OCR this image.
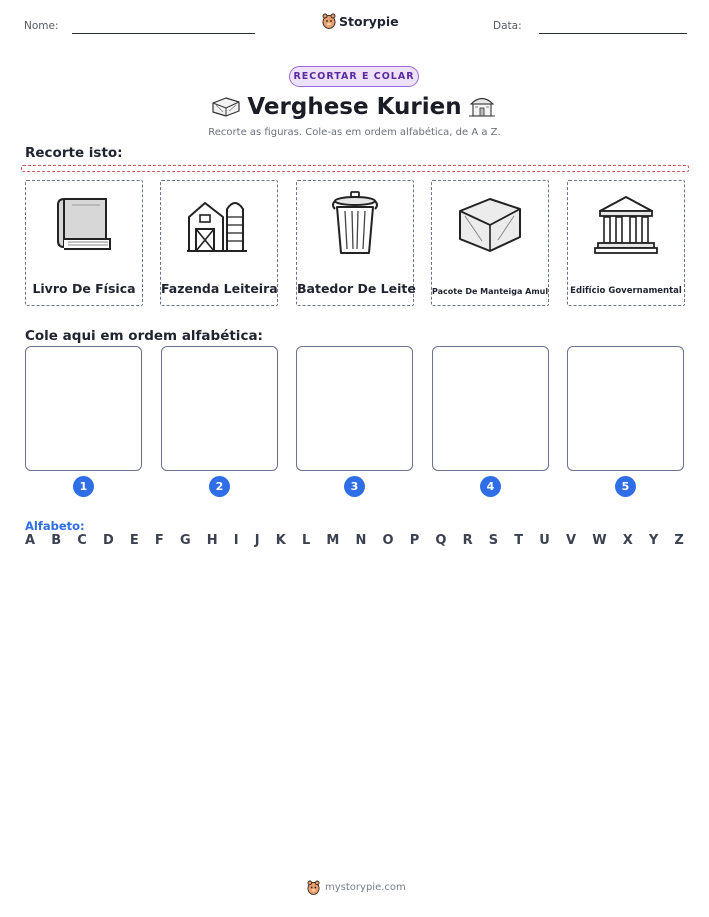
Nome:	Storypie	Data:
RECORTAR E COLAR
Verghese Kurien
Recorte as figuras. Cole-as em ordem alfabética, de A a Z.
Recorte isto:
Livro De Física	Fazenda Leiteira Batedor De Leite Pacote De Manteiga Amul	Edifício Governamental
Cole aqui em ordem alfabética:
1	2	3	4	5
Alfabeto:
A B C D E F G H I J K L M N O P Q R S T U V W X Y Z
mystorypie.com
